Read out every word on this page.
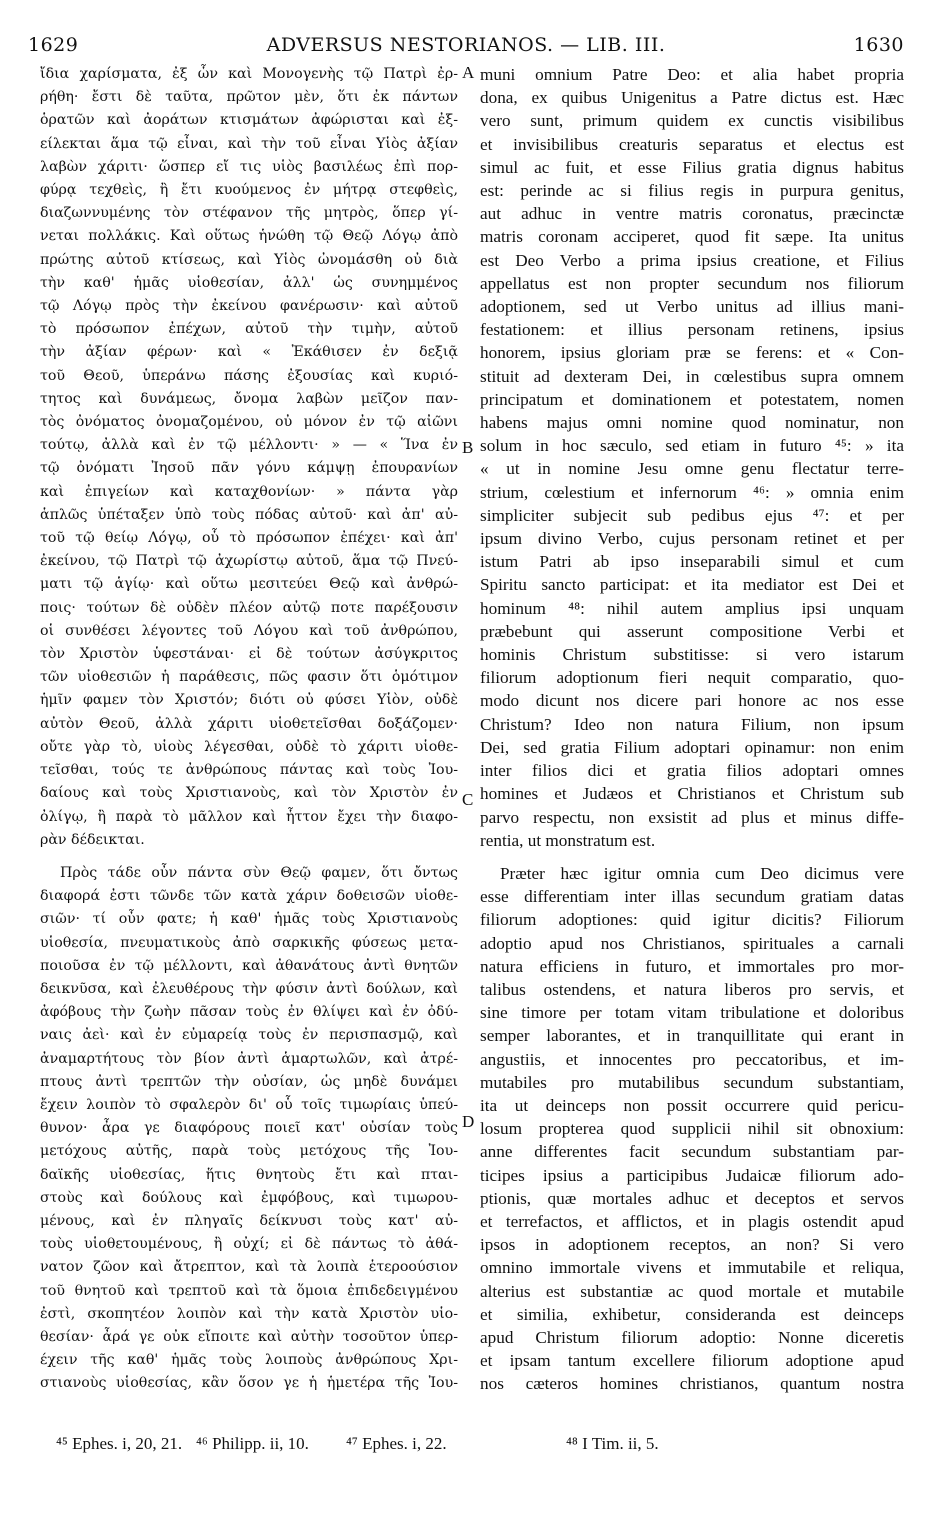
1629	ADVERSUS NESTORIANOS. — LIB. III.	1630

ἴδια χαρίσματα, ἐξ ὧν καὶ Μονογενὴς τῷ Πατρὶ ἐρ-

ρήθη· ἔστι δὲ ταῦτα, πρῶτον μὲν, ὅτι ἐκ πάντων

ὁρατῶν καὶ ἀοράτων κτισμάτων ἀφώρισται καὶ ἐξ-

είλεκται ἅμα τῷ εἶναι, καὶ τὴν τοῦ εἶναι Υἱὸς ἀξίαν

λαβὼν χάριτι· ὥσπερ εἴ τις υἱὸς βασιλέως ἐπὶ πορ-

φύρᾳ τεχθεὶς, ἢ ἔτι κυούμενος ἐν μήτρᾳ στεφθεὶς,

διαζωννυμένης τὸν στέφανον τῆς μητρὸς, ὅπερ γί-

νεται πολλάκις. Καὶ οὕτως ἡνώθη τῷ Θεῷ Λόγῳ ἀπὸ

πρώτης αὐτοῦ κτίσεως, καὶ Υἱὸς ὠνομάσθη οὐ διὰ

τὴν καθ' ἡμᾶς υἱοθεσίαν, ἀλλ' ὡς συνημμένος

τῷ Λόγῳ πρὸς τὴν ἐκείνου φανέρωσιν· καὶ αὐτοῦ

τὸ πρόσωπον ἐπέχων, αὐτοῦ τὴν τιμὴν, αὐτοῦ

τὴν ἀξίαν φέρων· καὶ « Ἐκάθισεν ἐν δεξιᾷ

τοῦ Θεοῦ, ὑπεράνω πάσης ἐξουσίας καὶ κυριό-

τητος καὶ δυνάμεως, ὄνομα λαβὼν μεῖζον παν-

τὸς ὀνόματος ὀνομαζομένου, οὐ μόνον ἐν τῷ αἰῶνι

τούτῳ, ἀλλὰ καὶ ἐν τῷ μέλλοντι· » — « Ἵνα ἐν

τῷ ὀνόματι Ἰησοῦ πᾶν γόνυ κάμψῃ ἐπουρανίων

καὶ ἐπιγείων καὶ καταχθονίων· » πάντα γὰρ

ἁπλῶς ὑπέταξεν ὑπὸ τοὺς πόδας αὐτοῦ· καὶ ἀπ' αὐ-

τοῦ τῷ θείῳ Λόγῳ, οὗ τὸ πρόσωπον ἐπέχει· καὶ ἀπ'

ἐκείνου, τῷ Πατρὶ τῷ ἀχωρίστῳ αὐτοῦ, ἅμα τῷ Πνεύ-

ματι τῷ ἁγίῳ· καὶ οὕτω μεσιτεύει Θεῷ καὶ ἀνθρώ-

ποις· τούτων δὲ οὐδὲν πλέον αὐτῷ ποτε παρέξουσιν

οἱ συνθέσει λέγοντες τοῦ Λόγου καὶ τοῦ ἀνθρώπου,

τὸν Χριστὸν ὑφεστάναι· εἰ δὲ τούτων ἀσύγκριτος

τῶν υἱοθεσιῶν ἡ παράθεσις, πῶς φασιν ὅτι ὁμότιμον

ἡμῖν φαμεν τὸν Χριστόν; διότι οὐ φύσει Υἱὸν, οὐδὲ

αὐτὸν Θεοῦ, ἀλλὰ χάριτι υἱοθετεῖσθαι δοξάζομεν·

οὔτε γὰρ τὸ, υἱοὺς λέγεσθαι, οὐδὲ τὸ χάριτι υἱοθε-

τεῖσθαι, τούς τε ἀνθρώπους πάντας καὶ τοὺς Ἰου-

δαίους καὶ τοὺς Χριστιανοὺς, καὶ τὸν Χριστὸν ἐν

ὀλίγῳ, ἢ παρὰ τὸ μᾶλλον καὶ ἧττον ἔχει τὴν διαφο-

ρὰν δέδεικται.

Πρὸς τάδε οὖν πάντα σὺν Θεῷ φαμεν, ὅτι ὄντως

διαφορά ἐστι τῶνδε τῶν κατὰ χάριν δοθεισῶν υἱοθε-

σιῶν· τί οὖν φατε; ἡ καθ' ἡμᾶς τοὺς Χριστιανοὺς

υἱοθεσία, πνευματικοὺς ἀπὸ σαρκικῆς φύσεως μετα-

ποιοῦσα ἐν τῷ μέλλοντι, καὶ ἀθανάτους ἀντὶ θνητῶν

δεικνῦσα, καὶ ἐλευθέρους τὴν φύσιν ἀντὶ δούλων, καὶ

ἀφόβους τὴν ζωὴν πᾶσαν τοὺς ἐν θλίψει καὶ ἐν ὀδύ-

ναις ἀεὶ· καὶ ἐν εὐμαρείᾳ τοὺς ἐν περισπασμῷ, καὶ

ἀναμαρτήτους τὸν βίον ἀντὶ ἁμαρτωλῶν, καὶ ἀτρέ-

πτους ἀντὶ τρεπτῶν τὴν οὐσίαν, ὡς μηδὲ δυνάμει

ἔχειν λοιπὸν τὸ σφαλερὸν δι' οὗ τοῖς τιμωρίαις ὑπεύ-

θυνον· ἆρα γε διαφόρους ποιεῖ κατ' οὐσίαν τοὺς

μετόχους αὐτῆς, παρὰ τοὺς μετόχους τῆς Ἰου-

δαϊκῆς υἱοθεσίας, ἥτις θνητοὺς ἔτι καὶ πται-

στοὺς καὶ δούλους καὶ ἐμφόβους, καὶ τιμωρου-

μένους, καὶ ἐν πληγαῖς δείκνυσι τοὺς κατ' αὐ-

τοὺς υἱοθετουμένους, ἢ οὐχί; εἰ δὲ πάντως τὸ ἀθά-

νατον ζῶον καὶ ἄτρεπτον, καὶ τὰ λοιπὰ ἑτεροούσιον

τοῦ θνητοῦ καὶ τρεπτοῦ καὶ τὰ ὅμοια ἐπιδεδειγμένου

ἐστὶ, σκοπητέον λοιπὸν καὶ τὴν κατὰ Χριστὸν υἱο-

θεσίαν· ἆρά γε οὐκ εἴποιτε καὶ αὐτὴν τοσοῦτον ὑπερ-

έχειν τῆς καθ' ἡμᾶς τοὺς λοιποὺς ἀνθρώπους Χρι-

στιανοὺς υἱοθεσίας, κἂν ὅσον γε ἡ ἡμετέρα τῆς Ἰου-

muni omnium Patre Deo: et alia habet propria

dona, ex quibus Unigenitus a Patre dictus est. Hæc

vero sunt, primum quidem ex cunctis visibilibus

et invisibilibus creaturis separatus et electus est

simul ac fuit, et esse Filius gratia dignus habitus

est: perinde ac si filius regis in purpura genitus,

aut adhuc in ventre matris coronatus, præcinctæ

matris coronam acciperet, quod fit sæpe. Ita unitus

est Deo Verbo a prima ipsius creatione, et Filius

appellatus est non propter secundum nos filiorum

adoptionem, sed ut Verbo unitus ad illius mani-

festationem: et illius personam retinens, ipsius

honorem, ipsius gloriam præ se ferens: et « Con-

stituit ad dexteram Dei, in cœlestibus supra omnem

principatum et dominationem et potestatem, nomen

habens majus omni nomine quod nominatur, non

solum in hoc sæculo, sed etiam in futuro ⁴⁵: » ita

« ut in nomine Jesu omne genu flectatur terre-

strium, cœlestium et infernorum ⁴⁶: » omnia enim

simpliciter subjecit sub pedibus ejus ⁴⁷: et per

ipsum divino Verbo, cujus personam retinet et per

istum Patri ab ipso inseparabili simul et cum

Spiritu sancto participat: et ita mediator est Dei et

hominum ⁴⁸: nihil autem amplius ipsi unquam

præbebunt qui asserunt compositione Verbi et

hominis Christum substitisse: si vero istarum

filiorum adoptionum fieri nequit comparatio, quo-

modo dicunt nos dicere pari honore ac nos esse

Christum? Ideo non natura Filium, non ipsum

Dei, sed gratia Filium adoptari opinamur: non enim

inter filios dici et gratia filios adoptari omnes

homines et Judæos et Christianos et Christum sub

parvo respectu, non exsistit ad plus et minus diffe-

rentia, ut monstratum est.

Præter hæc igitur omnia cum Deo dicimus vere

esse differentiam inter illas secundum gratiam datas

filiorum adoptiones: quid igitur dicitis? Filiorum

adoptio apud nos Christianos, spirituales a carnali

natura efficiens in futuro, et immortales pro mor-

talibus ostendens, et natura liberos pro servis, et

sine timore per totam vitam tribulatione et doloribus

semper laborantes, et in tranquillitate qui erant in

angustiis, et innocentes pro peccatoribus, et im-

mutabiles pro mutabilibus secundum substantiam,

ita ut deinceps non possit occurrere quid pericu-

losum propterea quod supplicii nihil sit obnoxium:

anne differentes facit secundum substantiam par-

ticipes ipsius a participibus Judaicæ filiorum ado-

ptionis, quæ mortales adhuc et deceptos et servos

et terrefactos, et afflictos, et in plagis ostendit apud

ipsos in adoptionem receptos, an non? Si vero

omnino immortale vivens et immutabile et reliqua,

alterius est substantiæ ac quod mortale et mutabile

et similia, exhibetur, consideranda est deinceps

apud Christum filiorum adoptio: Nonne diceretis

et ipsam tantum excellere filiorum adoptione apud

nos cæteros homines christianos, quantum nostra

A
B
C
D
⁴⁵ Ephes. i, 20, 21. ⁴⁶ Philipp. ii, 10. ⁴⁷ Ephes. i, 22.	⁴⁸ I Tim. ii, 5.
